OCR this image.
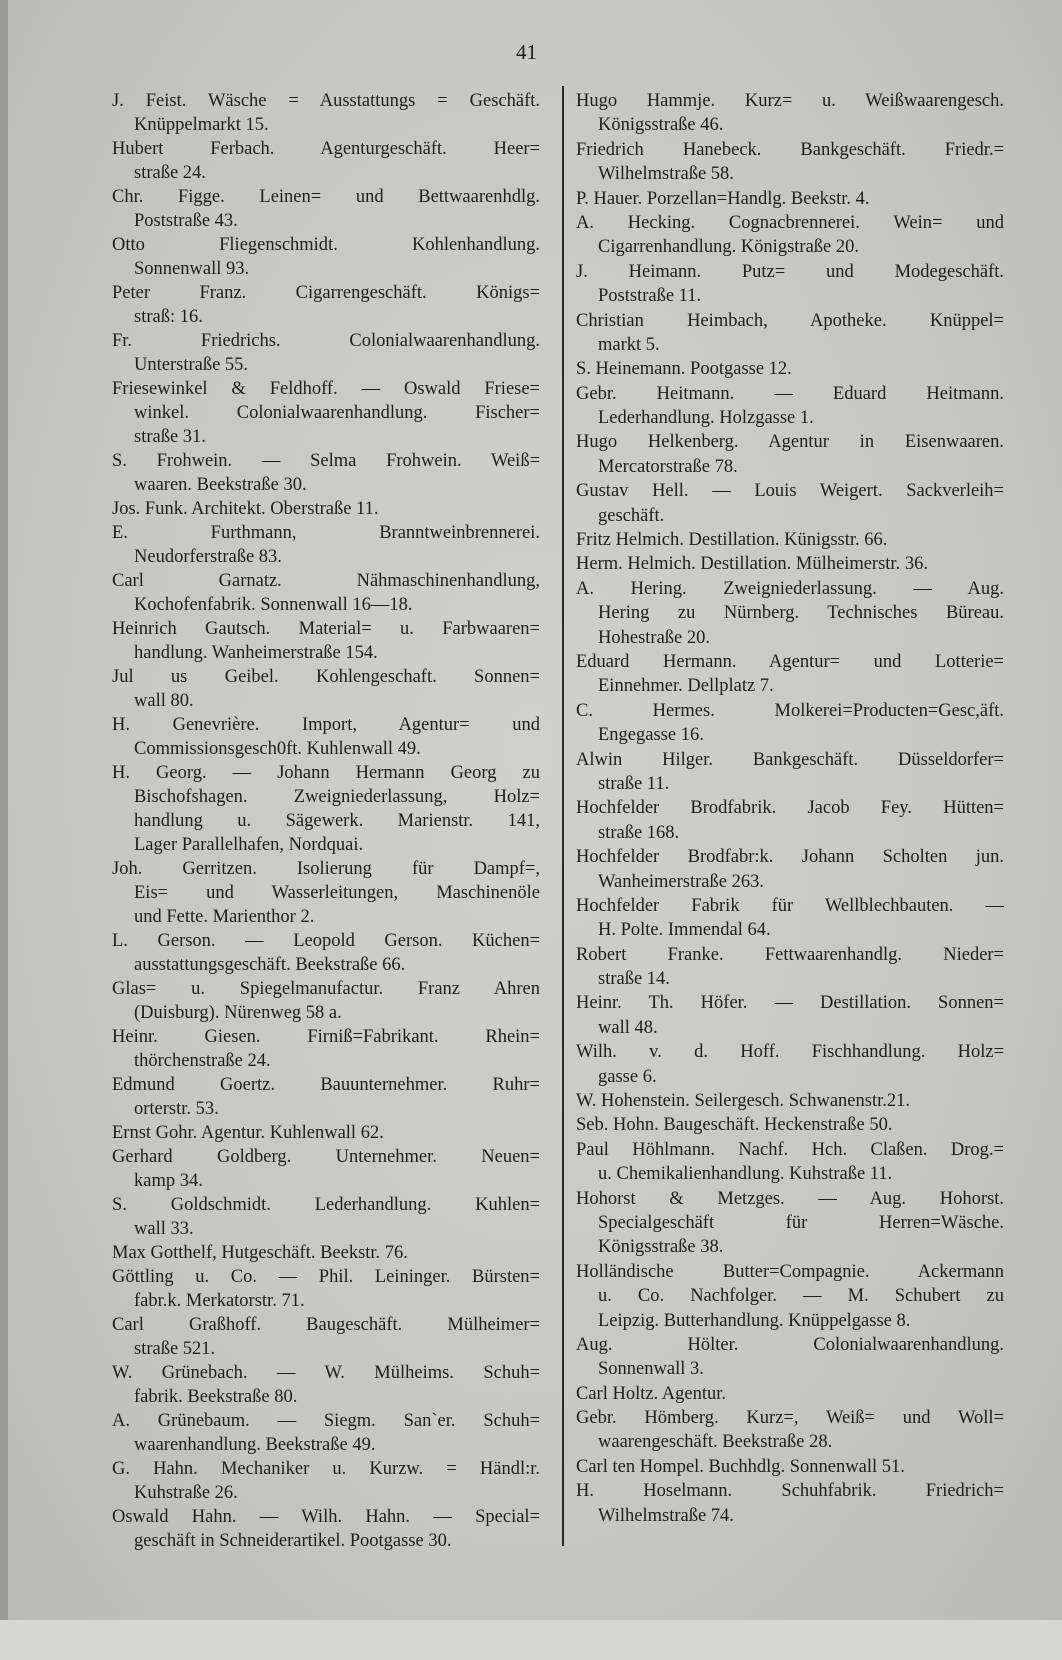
41
J. Feist. Wäsche = Ausstattungs = Geschäft.
Knüppelmarkt 15.
Hubert Ferbach. Agenturgeschäft. Heer=
straße 24.
Chr. Figge. Leinen= und Bettwaarenhdlg.
Poststraße 43.
Otto Fliegenschmidt. Kohlenhandlung.
Sonnenwall 93.
Peter Franz. Cigarrengeschäft. Königs=
straß: 16.
Fr. Friedrichs. Colonialwaarenhandlung.
Unterstraße 55.
Friesewinkel & Feldhoff. — Oswald Friese=
winkel. Colonialwaarenhandlung. Fischer=
straße 31.
S. Frohwein. — Selma Frohwein. Weiß=
waaren. Beekstraße 30.
Jos. Funk. Architekt. Oberstraße 11.
E. Furthmann, Branntweinbrennerei.
Neudorferstraße 83.
Carl Garnatz. Nähmaschinenhandlung,
Kochofenfabrik. Sonnenwall 16—18.
Heinrich Gautsch. Material= u. Farbwaaren=
handlung. Wanheimerstraße 154.
Jul us Geibel. Kohlengeschaft. Sonnen=
wall 80.
H. Genevrière. Import, Agentur= und
Commissionsgesch0ft. Kuhlenwall 49.
H. Georg. — Johann Hermann Georg zu
Bischofshagen. Zweigniederlassung, Holz=
handlung u. Sägewerk. Marienstr. 141,
Lager Parallelhafen, Nordquai.
Joh. Gerritzen. Isolierung für Dampf=,
Eis= und Wasserleitungen, Maschinenöle
und Fette. Marienthor 2.
L. Gerson. — Leopold Gerson. Küchen=
ausstattungsgeschäft. Beekstraße 66.
Glas= u. Spiegelmanufactur. Franz Ahren
(Duisburg). Nürenweg 58 a.
Heinr. Giesen. Firniß=Fabrikant. Rhein=
thörchenstraße 24.
Edmund Goertz. Bauunternehmer. Ruhr=
orterstr. 53.
Ernst Gohr. Agentur. Kuhlenwall 62.
Gerhard Goldberg. Unternehmer. Neuen=
kamp 34.
S. Goldschmidt. Lederhandlung. Kuhlen=
wall 33.
Max Gotthelf, Hutgeschäft. Beekstr. 76.
Göttling u. Co. — Phil. Leininger. Bürsten=
fabr.k. Merkatorstr. 71.
Carl Graßhoff. Baugeschäft. Mülheimer=
straße 521.
W. Grünebach. — W. Mülheims. Schuh=
fabrik. Beekstraße 80.
A. Grünebaum. — Siegm. San`er. Schuh=
waarenhandlung. Beekstraße 49.
G. Hahn. Mechaniker u. Kurzw. = Händl:r.
Kuhstraße 26.
Oswald Hahn. — Wilh. Hahn. — Special=
geschäft in Schneiderartikel. Pootgasse 30.
Hugo Hammje. Kurz= u. Weißwaarengesch.
Königsstraße 46.
Friedrich Hanebeck. Bankgeschäft. Friedr.=
Wilhelmstraße 58.
P. Hauer. Porzellan=Handlg. Beekstr. 4.
A. Hecking. Cognacbrennerei. Wein= und
Cigarrenhandlung. Königstraße 20.
J. Heimann. Putz= und Modegeschäft.
Poststraße 11.
Christian Heimbach, Apotheke. Knüppel=
markt 5.
S. Heinemann. Pootgasse 12.
Gebr. Heitmann. — Eduard Heitmann.
Lederhandlung. Holzgasse 1.
Hugo Helkenberg. Agentur in Eisenwaaren.
Mercatorstraße 78.
Gustav Hell. — Louis Weigert. Sackverleih=
geschäft.
Fritz Helmich. Destillation. Künigsstr. 66.
Herm. Helmich. Destillation. Mülheimerstr. 36.
A. Hering. Zweigniederlassung. — Aug.
Hering zu Nürnberg. Technisches Büreau.
Hohestraße 20.
Eduard Hermann. Agentur= und Lotterie=
Einnehmer. Dellplatz 7.
C. Hermes. Molkerei=Producten=Gesc,äft.
Engegasse 16.
Alwin Hilger. Bankgeschäft. Düsseldorfer=
straße 11.
Hochfelder Brodfabrik. Jacob Fey. Hütten=
straße 168.
Hochfelder Brodfabr:k. Johann Scholten jun.
Wanheimerstraße 263.
Hochfelder Fabrik für Wellblechbauten. —
H. Polte. Immendal 64.
Robert Franke. Fettwaarenhandlg. Nieder=
straße 14.
Heinr. Th. Höfer. — Destillation. Sonnen=
wall 48.
Wilh. v. d. Hoff. Fischhandlung. Holz=
gasse 6.
W. Hohenstein. Seilergesch. Schwanenstr.21.
Seb. Hohn. Baugeschäft. Heckenstraße 50.
Paul Höhlmann. Nachf. Hch. Claßen. Drog.=
u. Chemikalienhandlung. Kuhstraße 11.
Hohorst & Metzges. — Aug. Hohorst.
Specialgeschäft für Herren=Wäsche.
Königsstraße 38.
Holländische Butter=Compagnie. Ackermann
u. Co. Nachfolger. — M. Schubert zu
Leipzig. Butterhandlung. Knüppelgasse 8.
Aug. Hölter. Colonialwaarenhandlung.
Sonnenwall 3.
Carl Holtz. Agentur.
Gebr. Hömberg. Kurz=, Weiß= und Woll=
waarengeschäft. Beekstraße 28.
Carl ten Hompel. Buchhdlg. Sonnenwall 51.
H. Hoselmann. Schuhfabrik. Friedrich=
Wilhelmstraße 74.
